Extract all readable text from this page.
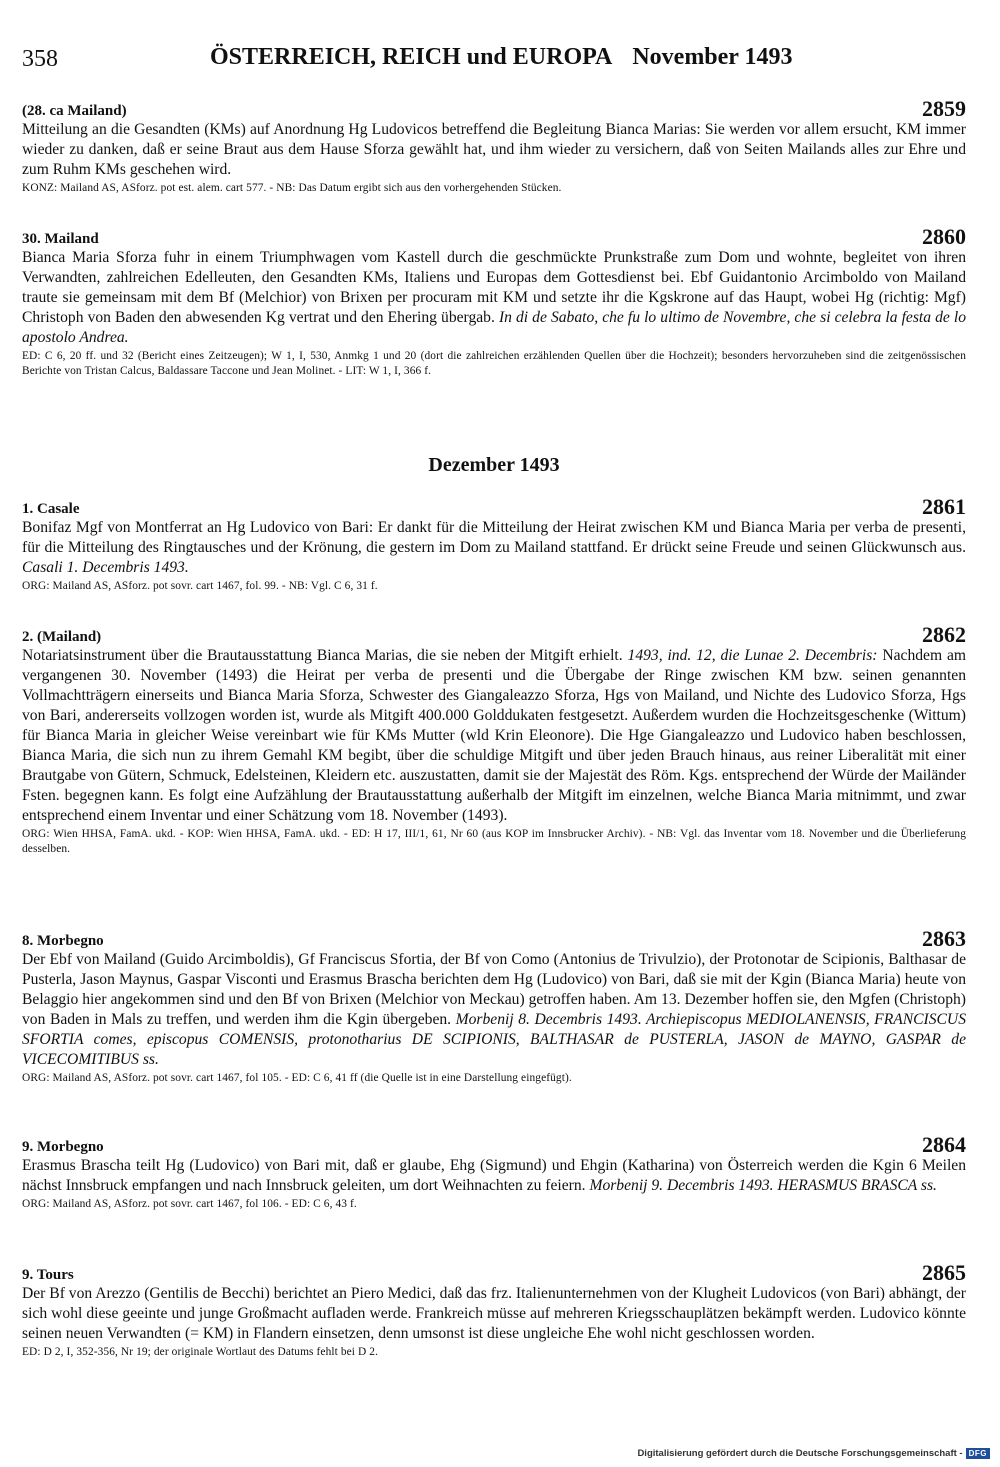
358	ÖSTERREICH, REICH und EUROPA November 1493
(28. ca Mailand)	2859

Mitteilung an die Gesandten (KMs) auf Anordnung Hg Ludovicos betreffend die Begleitung Bianca Marias: Sie werden vor allem ersucht, KM immer wieder zu danken, daß er seine Braut aus dem Hause Sforza gewählt hat, und ihm wieder zu versichern, daß von Seiten Mailands alles zur Ehre und zum Ruhm KMs geschehen wird.

KONZ: Mailand AS, ASforz. pot est. alem. cart 577. - NB: Das Datum ergibt sich aus den vorhergehenden Stücken.

30. Mailand	2860

Bianca Maria Sforza fuhr in einem Triumphwagen vom Kastell durch die geschmückte Prunkstraße zum Dom und wohnte, begleitet von ihren Verwandten, zahlreichen Edelleuten, den Gesandten KMs, Italiens und Europas dem Gottesdienst bei. Ebf Guidantonio Arcimboldo von Mailand traute sie gemeinsam mit dem Bf (Melchior) von Brixen per procuram mit KM und setzte ihr die Kgskrone auf das Haupt, wobei Hg (richtig: Mgf) Christoph von Baden den abwesenden Kg vertrat und den Ehering übergab. In di de Sabato, che fu lo ultimo de Novembre, che si celebra la festa de lo apostolo Andrea.

ED: C 6, 20 ff. und 32 (Bericht eines Zeitzeugen); W 1, I, 530, Anmkg 1 und 20 (dort die zahlreichen erzählenden Quellen über die Hochzeit); besonders hervorzuheben sind die zeitgenössischen Berichte von Tristan Calcus, Baldassare Taccone und Jean Molinet. - LIT: W 1, I, 366 f.

Dezember 1493
1. Casale	2861

Bonifaz Mgf von Montferrat an Hg Ludovico von Bari: Er dankt für die Mitteilung der Heirat zwischen KM und Bianca Maria per verba de presenti, für die Mitteilung des Ringtausches und der Krönung, die gestern im Dom zu Mailand stattfand. Er drückt seine Freude und seinen Glückwunsch aus. Casali 1. Decembris 1493.

ORG: Mailand AS, ASforz. pot sovr. cart 1467, fol. 99. - NB: Vgl. C 6, 31 f.

2. (Mailand)	2862

Notariatsinstrument über die Brautausstattung Bianca Marias, die sie neben der Mitgift erhielt. 1493, ind. 12, die Lunae 2. Decembris: Nachdem am vergangenen 30. November (1493) die Heirat per verba de presenti und die Übergabe der Ringe zwischen KM bzw. seinen genannten Vollmachtträgern einerseits und Bianca Maria Sforza, Schwester des Giangaleazzo Sforza, Hgs von Mailand, und Nichte des Ludovico Sforza, Hgs von Bari, andererseits vollzogen worden ist, wurde als Mitgift 400.000 Golddukaten festgesetzt. Außerdem wurden die Hochzeitsgeschenke (Wittum) für Bianca Maria in gleicher Weise vereinbart wie für KMs Mutter (wld Krin Eleonore). Die Hge Giangaleazzo und Ludovico haben beschlossen, Bianca Maria, die sich nun zu ihrem Gemahl KM begibt, über die schuldige Mitgift und über jeden Brauch hinaus, aus reiner Liberalität mit einer Brautgabe von Gütern, Schmuck, Edelsteinen, Kleidern etc. auszustatten, damit sie der Majestät des Röm. Kgs. entsprechend der Würde der Mailänder Fsten. begegnen kann. Es folgt eine Aufzählung der Brautausstattung außerhalb der Mitgift im einzelnen, welche Bianca Maria mitnimmt, und zwar entsprechend einem Inventar und einer Schätzung vom 18. November (1493).

ORG: Wien HHSA, FamA. ukd. - KOP: Wien HHSA, FamA. ukd. - ED: H 17, III/1, 61, Nr 60 (aus KOP im Innsbrucker Archiv). - NB: Vgl. das Inventar vom 18. November und die Überlieferung desselben.

8. Morbegno	2863

Der Ebf von Mailand (Guido Arcimboldis), Gf Franciscus Sfortia, der Bf von Como (Antonius de Trivulzio), der Protonotar de Scipionis, Balthasar de Pusterla, Jason Maynus, Gaspar Visconti und Erasmus Brascha berichten dem Hg (Ludovico) von Bari, daß sie mit der Kgin (Bianca Maria) heute von Belaggio hier angekommen sind und den Bf von Brixen (Melchior von Meckau) getroffen haben. Am 13. Dezember hoffen sie, den Mgfen (Christoph) von Baden in Mals zu treffen, und werden ihm die Kgin übergeben. Morbenij 8. Decembris 1493. Archiepiscopus MEDIOLANENSIS, FRANCISCUS SFORTIA comes, episcopus COMENSIS, protonotharius DE SCIPIONIS, BALTHASAR de PUSTERLA, JASON de MAYNO, GASPAR de VICECOMITIBUS ss.

ORG: Mailand AS, ASforz. pot sovr. cart 1467, fol 105. - ED: C 6, 41 ff (die Quelle ist in eine Darstellung eingefügt).

9. Morbegno	2864

Erasmus Brascha teilt Hg (Ludovico) von Bari mit, daß er glaube, Ehg (Sigmund) und Ehgin (Katharina) von Österreich werden die Kgin 6 Meilen nächst Innsbruck empfangen und nach Innsbruck geleiten, um dort Weihnachten zu feiern. Morbenij 9. Decembris 1493. HERASMUS BRASCA ss.

ORG: Mailand AS, ASforz. pot sovr. cart 1467, fol 106. - ED: C 6, 43 f.

9. Tours	2865

Der Bf von Arezzo (Gentilis de Becchi) berichtet an Piero Medici, daß das frz. Italienunternehmen von der Klugheit Ludovicos (von Bari) abhängt, der sich wohl diese geeinte und junge Großmacht aufladen werde. Frankreich müsse auf mehreren Kriegsschauplätzen bekämpft werden. Ludovico könnte seinen neuen Verwandten (= KM) in Flandern einsetzen, denn umsonst ist diese ungleiche Ehe wohl nicht geschlossen worden.

ED: D 2, I, 352-356, Nr 19; der originale Wortlaut des Datums fehlt bei D 2.

Digitalisierung gefördert durch die Deutsche Forschungsgemeinschaft - DFG
